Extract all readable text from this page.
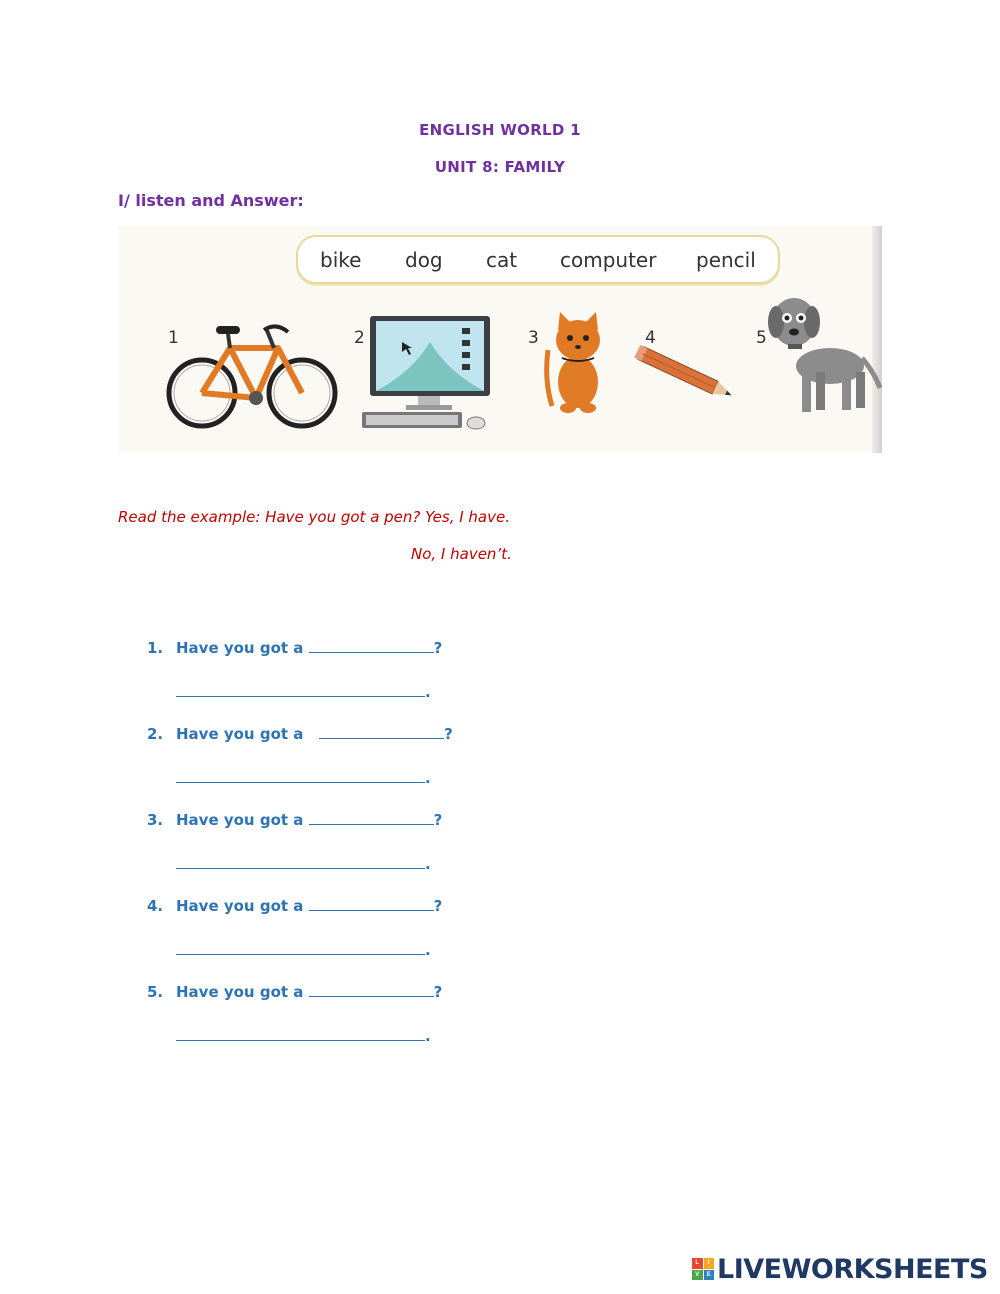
ENGLISH WORLD 1
UNIT 8: FAMILY
I/ listen and Answer:
bike dog cat computer pencil
1	2	3	4	5
Read the example: Have you got a pen? Yes, I have.
No, I haven’t.
1. Have you got a	?
.
2. Have you got a	?
.
3. Have you got a	?
.
4. Have you got a	?
.
5. Have you got a	?
.
L	I
V	E LIVEWORKSHEETS
